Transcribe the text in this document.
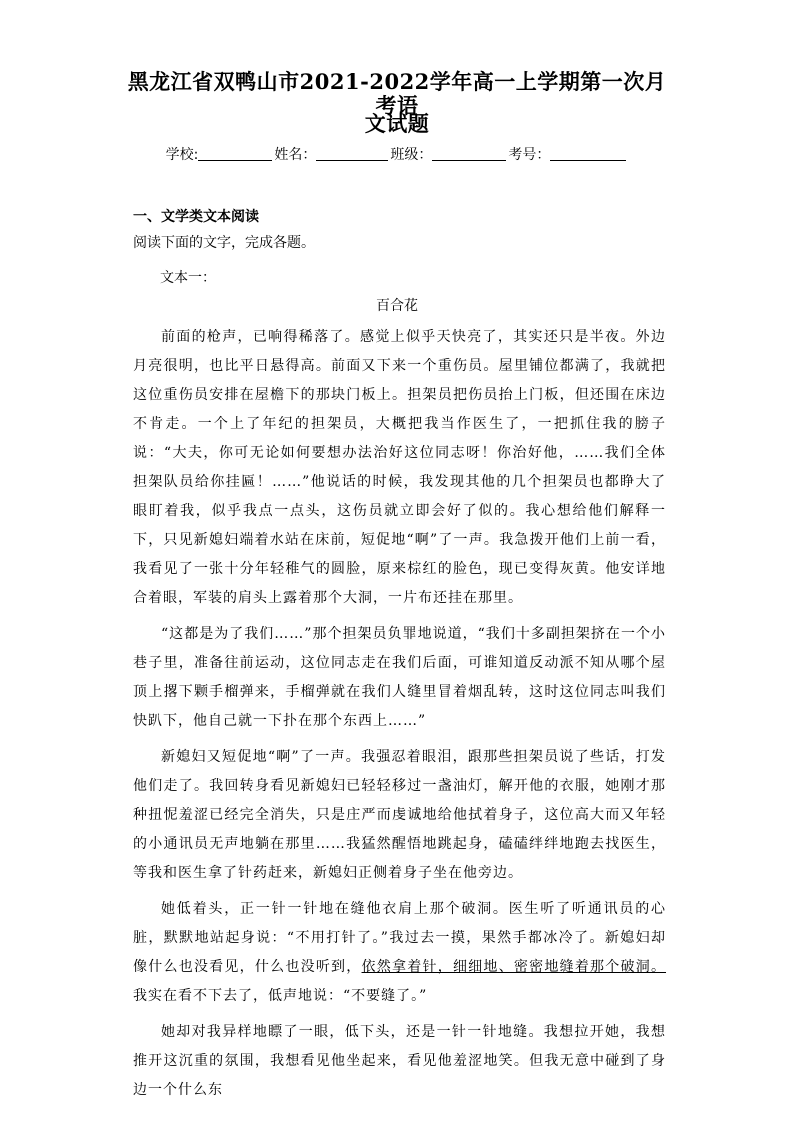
黑龙江省双鸭山市2021-2022学年高一上学期第一次月考语
文试题
学校:	姓名：	班级：	考号：
一、文学类文本阅读
阅读下面的文字，完成各题。
文本一：
百合花

前面的枪声，已响得稀落了。感觉上似乎天快亮了，其实还只是半夜。外边月亮很明，也比平日悬得高。前面又下来一个重伤员。屋里铺位都满了，我就把这位重伤员安排在屋檐下的那块门板上。担架员把伤员抬上门板，但还围在床边不肯走。一个上了年纪的担架员，大概把我当作医生了，一把抓住我的膀子说：“大夫，你可无论如何要想办法治好这位同志呀！你治好他，……我们全体担架队员给你挂匾！……”他说话的时候，我发现其他的几个担架员也都睁大了眼盯着我，似乎我点一点头，这伤员就立即会好了似的。我心想给他们解释一下，只见新媳妇端着水站在床前，短促地“啊”了一声。我急拨开他们上前一看，我看见了一张十分年轻稚气的圆脸，原来棕红的脸色，现已变得灰黄。他安详地合着眼，军装的肩头上露着那个大洞，一片布还挂在那里。

“这都是为了我们……”那个担架员负罪地说道，“我们十多副担架挤在一个小巷子里，准备往前运动，这位同志走在我们后面，可谁知道反动派不知从哪个屋顶上撂下颗手榴弹来，手榴弹就在我们人缝里冒着烟乱转，这时这位同志叫我们快趴下，他自己就一下扑在那个东西上……”

新媳妇又短促地“啊”了一声。我强忍着眼泪，跟那些担架员说了些话，打发他们走了。我回转身看见新媳妇已轻轻移过一盏油灯，解开他的衣服，她刚才那种扭怩羞涩已经完全消失，只是庄严而虔诚地给他拭着身子，这位高大而又年轻的小通讯员无声地躺在那里……我猛然醒悟地跳起身，磕磕绊绊地跑去找医生，等我和医生拿了针药赶来，新媳妇正侧着身子坐在他旁边。

她低着头，正一针一针地在缝他衣肩上那个破洞。医生听了听通讯员的心脏，默默地站起身说：“不用打针了。”我过去一摸，果然手都冰冷了。新媳妇却像什么也没看见，什么也没听到，依然拿着针，细细地、密密地缝着那个破洞。我实在看不下去了，低声地说：“不要缝了。”

她却对我异样地瞟了一眼，低下头，还是一针一针地缝。我想拉开她，我想推开这沉重的氛围，我想看见他坐起来，看见他羞涩地笑。但我无意中碰到了身边一个什么东
